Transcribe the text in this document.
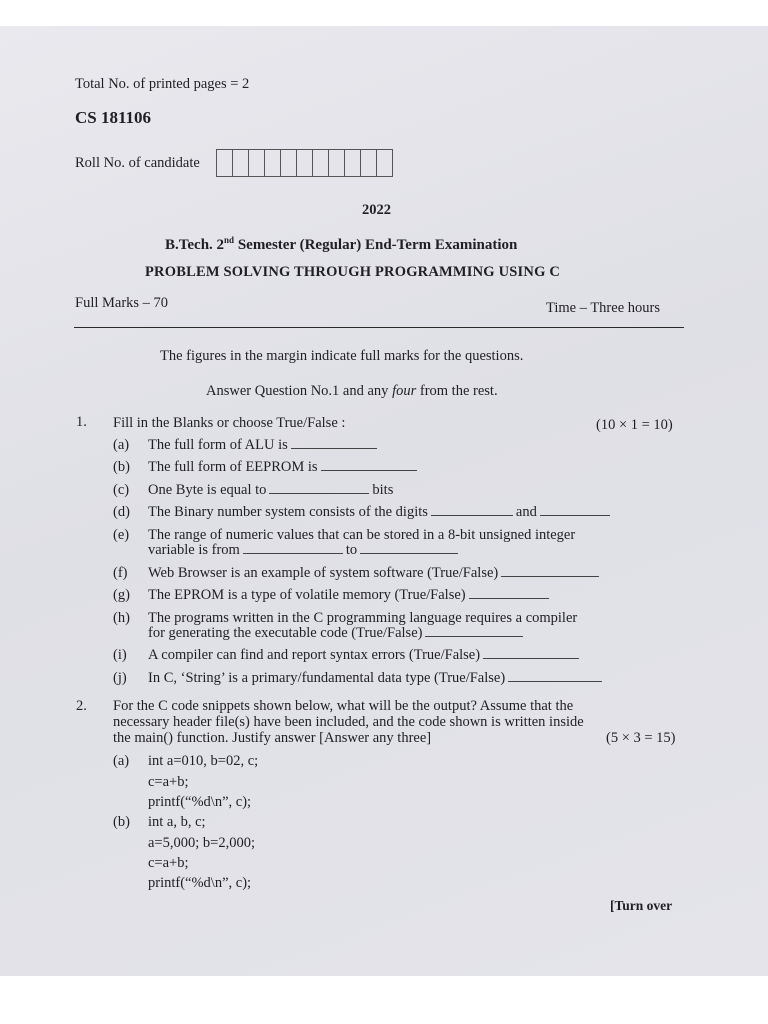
Total No. of printed pages = 2
CS 181106
Roll No. of candidate
2022
B.Tech. 2nd Semester (Regular) End-Term Examination
PROBLEM SOLVING THROUGH PROGRAMMING USING C
Full Marks – 70	Time – Three hours
The figures in the margin indicate full marks for the questions.
Answer Question No.1 and any four from the rest.
1. Fill in the Blanks or choose True/False :	(10 × 1 = 10)
(a) The full form of ALU is
(b) The full form of EEPROM is
(c) One Byte is equal to	bits
(d) The Binary number system consists of the digits	and
(e) The range of numeric values that can be stored in a 8-bit unsigned integer
variable is from	to
(f) Web Browser is an example of system software (True/False)
(g) The EPROM is a type of volatile memory (True/False)
(h) The programs written in the C programming language requires a compiler
for generating the executable code (True/False)
(i) A compiler can find and report syntax errors (True/False)
(j) In C, ‘String’ is a primary/fundamental data type (True/False)
2. For the C code snippets shown below, what will be the output? Assume that the
necessary header file(s) have been included, and the code shown is written inside
the main() function. Justify answer [Answer any three]	(5 × 3 = 15)
(a) int a=010, b=02, c;
c=a+b;
printf(“%d\n”, c);
(b) int a, b, c;
a=5,000; b=2,000;
c=a+b;
printf(“%d\n”, c);
[Turn over
